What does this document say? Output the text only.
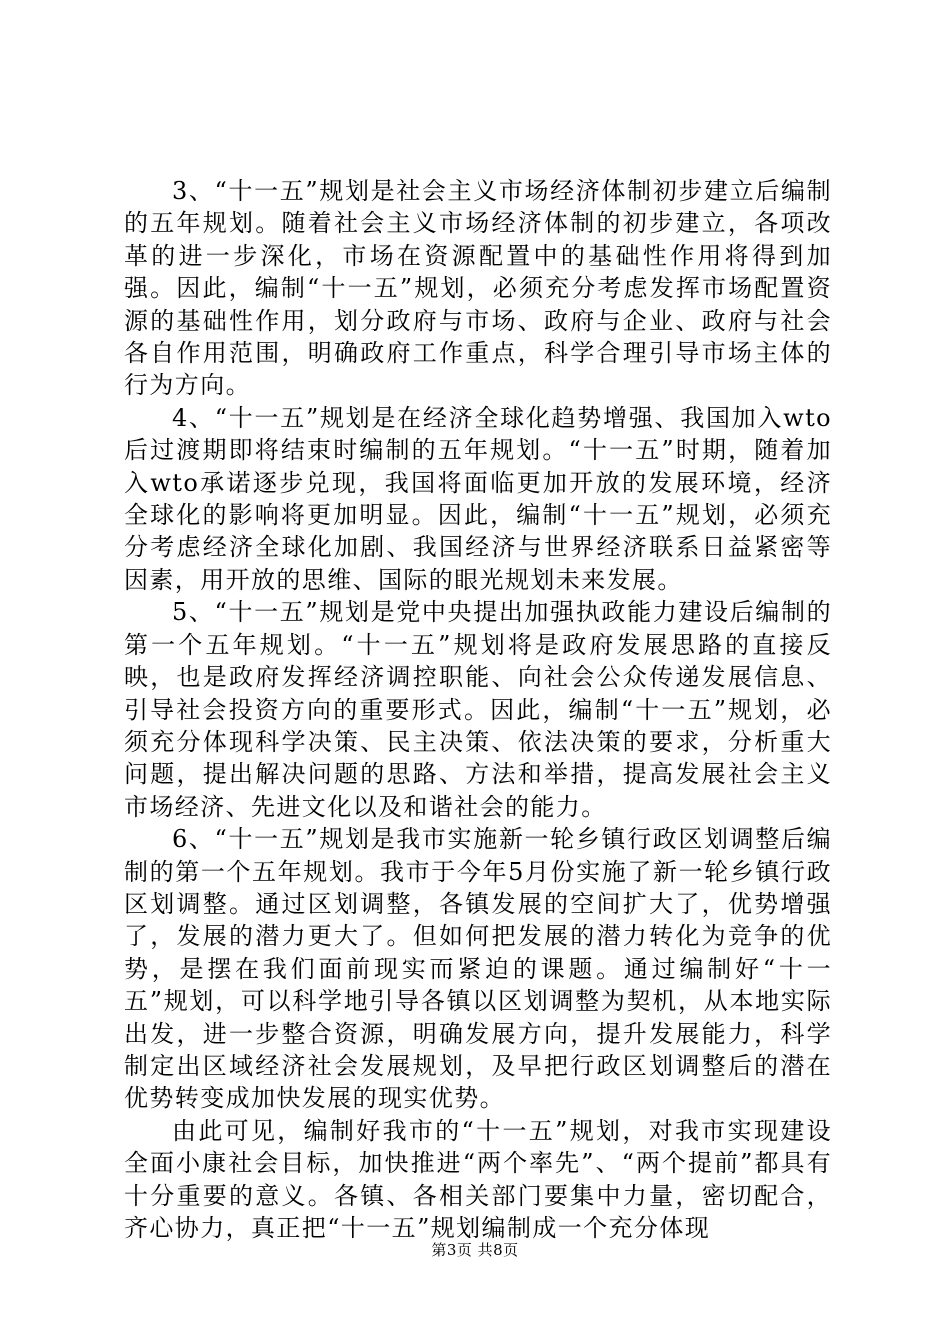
3、“十一五”规划是社会主义市场经济体制初步建立后编制的五年规划。随着社会主义市场经济体制的初步建立，各项改革的进一步深化，市场在资源配置中的基础性作用将得到加强。因此，编制“十一五”规划，必须充分考虑发挥市场配置资源的基础性作用，划分政府与市场、政府与企业、政府与社会各自作用范围，明确政府工作重点，科学合理引导市场主体的行为方向。

4、“十一五”规划是在经济全球化趋势增强、我国加入wto后过渡期即将结束时编制的五年规划。“十一五”时期，随着加入wto承诺逐步兑现，我国将面临更加开放的发展环境，经济全球化的影响将更加明显。因此，编制“十一五”规划，必须充分考虑经济全球化加剧、我国经济与世界经济联系日益紧密等因素，用开放的思维、国际的眼光规划未来发展。

5、“十一五”规划是党中央提出加强执政能力建设后编制的第一个五年规划。“十一五”规划将是政府发展思路的直接反映，也是政府发挥经济调控职能、向社会公众传递发展信息、引导社会投资方向的重要形式。因此，编制“十一五”规划，必须充分体现科学决策、民主决策、依法决策的要求，分析重大问题，提出解决问题的思路、方法和举措，提高发展社会主义市场经济、先进文化以及和谐社会的能力。

6、“十一五”规划是我市实施新一轮乡镇行政区划调整后编制的第一个五年规划。我市于今年5月份实施了新一轮乡镇行政区划调整。通过区划调整，各镇发展的空间扩大了，优势增强了，发展的潜力更大了。但如何把发展的潜力转化为竞争的优势，是摆在我们面前现实而紧迫的课题。通过编制好“十一五”规划，可以科学地引导各镇以区划调整为契机，从本地实际出发，进一步整合资源，明确发展方向，提升发展能力，科学制定出区域经济社会发展规划，及早把行政区划调整后的潜在优势转变成加快发展的现实优势。

由此可见，编制好我市的“十一五”规划，对我市实现建设全面小康社会目标，加快推进“两个率先”、“两个提前”都具有十分重要的意义。各镇、各相关部门要集中力量，密切配合，齐心协力，真正把“十一五”规划编制成一个充分体现

第3页 共8页
